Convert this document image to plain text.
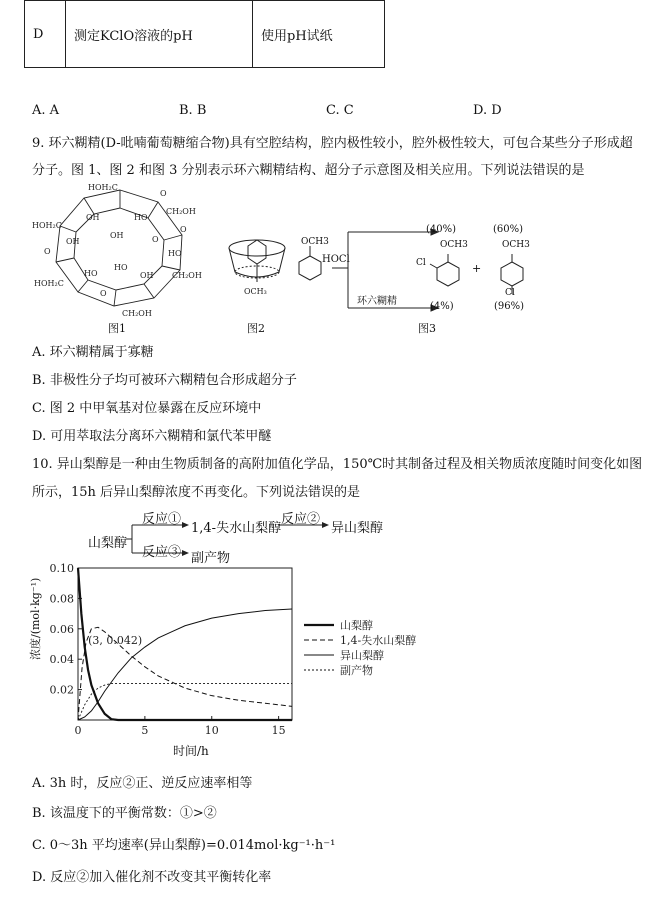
D	测定KClO溶液的pH	使用pH试纸
A. A	B. B	C. C	D. D
9. 环六糊精(D-吡喃葡萄糖缩合物)具有空腔结构，腔内极性较小，腔外极性较大，可包合某些分子形成超
分子。图 1、图 2 和图 3 分别表示环六糊精结构、超分子示意图及相关应用。下列说法错误的是
HOH₂C
O
CH₂OH
HOH₂C	O
OH	HO
OH	O
HO
CH₂OH
HOH₂C
HO	OH
O
CH₂OH
O
OH
HO
图1
OCH₃
图2
OCH3
HOCl
环六糊精
(40%)	(60%)
OCH3
Cl	+
OCH3
Cl
(4%)	(96%)
图3
A. 环六糊精属于寡糖
B. 非极性分子均可被环六糊精包合形成超分子
C. 图 2 中甲氧基对位暴露在反应环境中
D. 可用萃取法分离环六糊精和氯代苯甲醚
10. 异山梨醇是一种由生物质制备的高附加值化学品，150℃时其制备过程及相关物质浓度随时间变化如图
所示，15h 后异山梨醇浓度不再变化。下列说法错误的是
山梨醇
反应①
反应③
1,4-失水山梨醇
反应②
异山梨醇
副产物
0	5	10	15
0.10
0.08
0.06
0.04
0.02
(3, 0.042)
山梨醇
1,4-失水山梨醇
异山梨醇
副产物
时间/h
浓度/(mol·kg⁻¹)
A. 3h 时，反应②正、逆反应速率相等
B. 该温度下的平衡常数：①>②
C. 0～3h 平均速率(异山梨醇)=0.014mol·kg⁻¹·h⁻¹
D. 反应②加入催化剂不改变其平衡转化率
